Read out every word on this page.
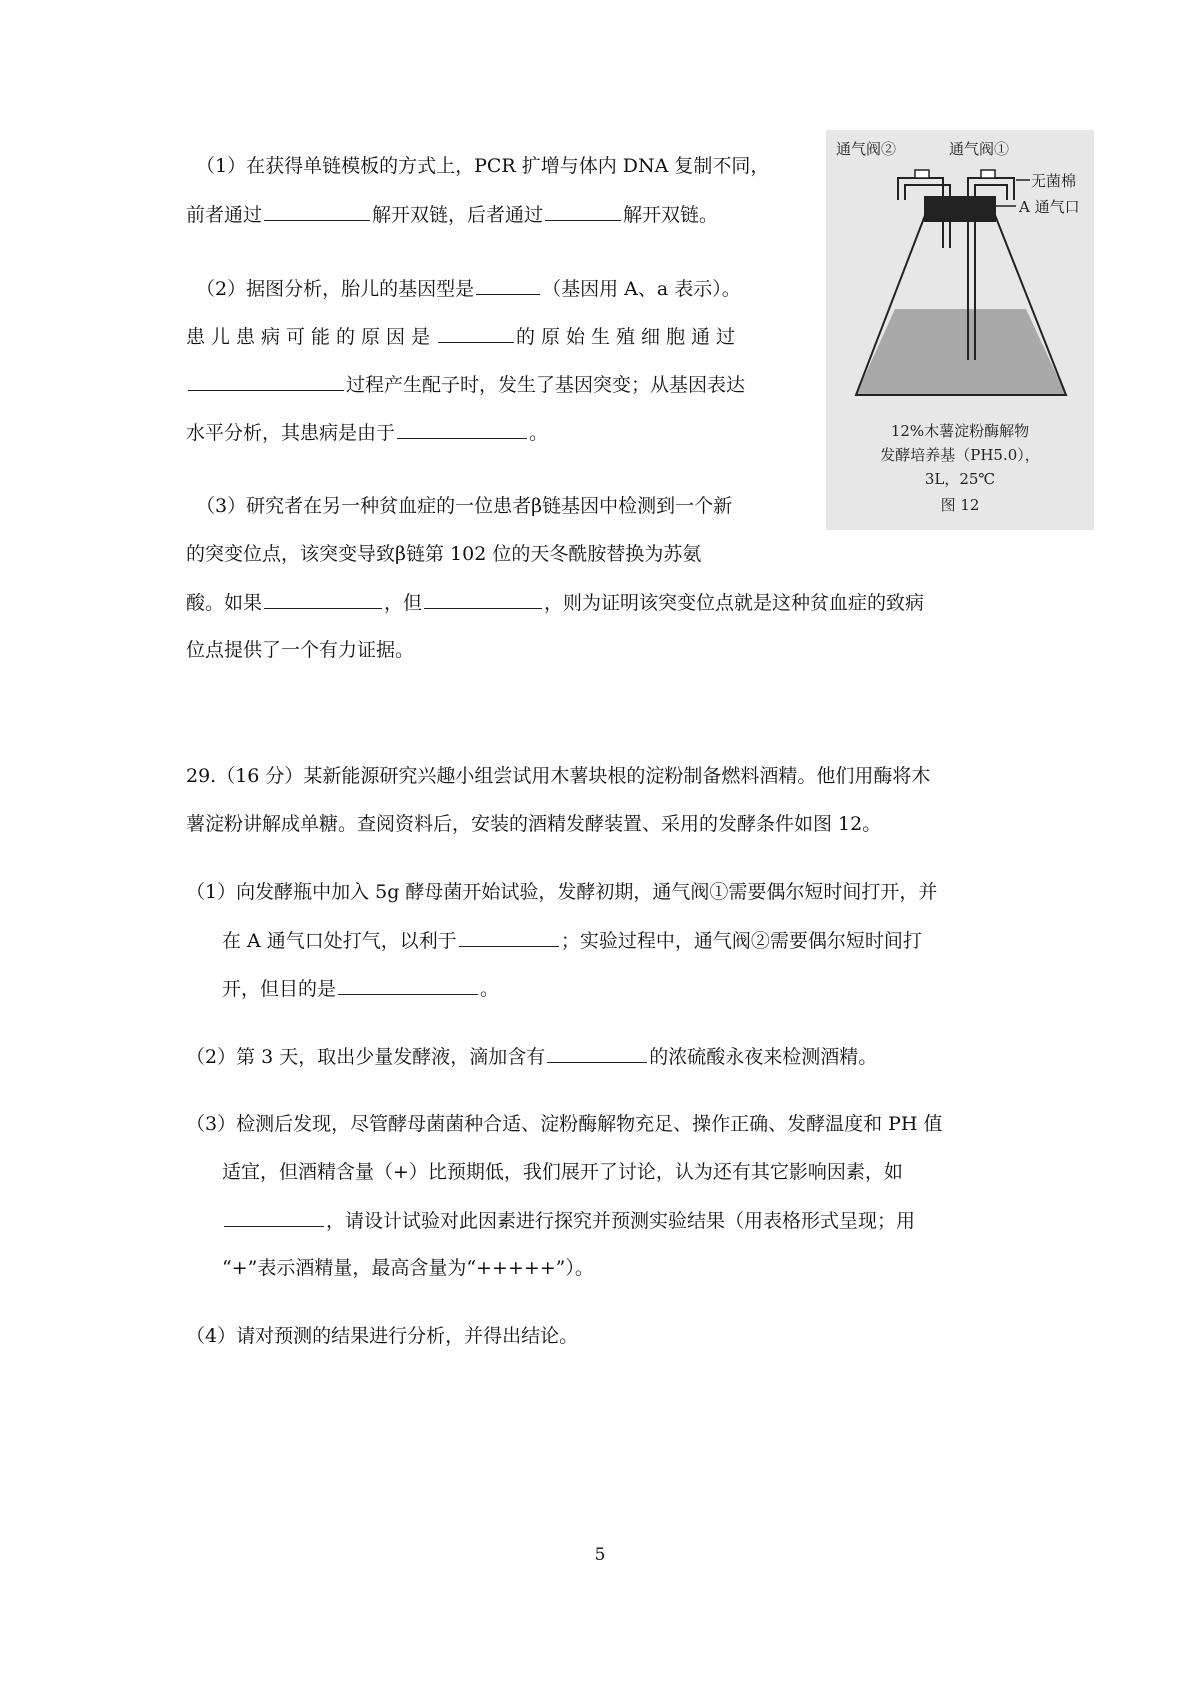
（1）在获得单链模板的方式上，PCR 扩增与体内 DNA 复制不同，
前者通过	解开双链，后者通过	解开双链。
（2）据图分析，胎儿的基因型是	（基因用 A、a 表示）。
患儿患病可能的原因是	的原始生殖细胞通过
过程产生配子时，发生了基因突变；从基因表达
水平分析，其患病是由于	。
（3）研究者在另一种贫血症的一位患者β链基因中检测到一个新
的突变位点，该突变导致β链第 102 位的天冬酰胺替换为苏氨
酸。如果	，但	，则为证明该突变位点就是这种贫血症的致病
位点提供了一个有力证据。
通气阀②	通气阀①
无菌棉
A 通气口
12%木薯淀粉酶解物
发酵培养基（PH5.0），
3L，25℃
图 12
29.（16 分）某新能源研究兴趣小组尝试用木薯块根的淀粉制备燃料酒精。他们用酶将木
薯淀粉讲解成单糖。查阅资料后，安装的酒精发酵装置、采用的发酵条件如图 12。
（1）向发酵瓶中加入 5g 酵母菌开始试验，发酵初期，通气阀①需要偶尔短时间打开，并
在 A 通气口处打气，以利于	；实验过程中，通气阀②需要偶尔短时间打
开，但目的是	。
（2）第 3 天，取出少量发酵液，滴加含有	的浓硫酸永夜来检测酒精。
（3）检测后发现，尽管酵母菌菌种合适、淀粉酶解物充足、操作正确、发酵温度和 PH 值
适宜，但酒精含量（+）比预期低，我们展开了讨论，认为还有其它影响因素，如
，请设计试验对此因素进行探究并预测实验结果（用表格形式呈现；用
“+”表示酒精量，最高含量为“+++++”）。
（4）请对预测的结果进行分析，并得出结论。
5
